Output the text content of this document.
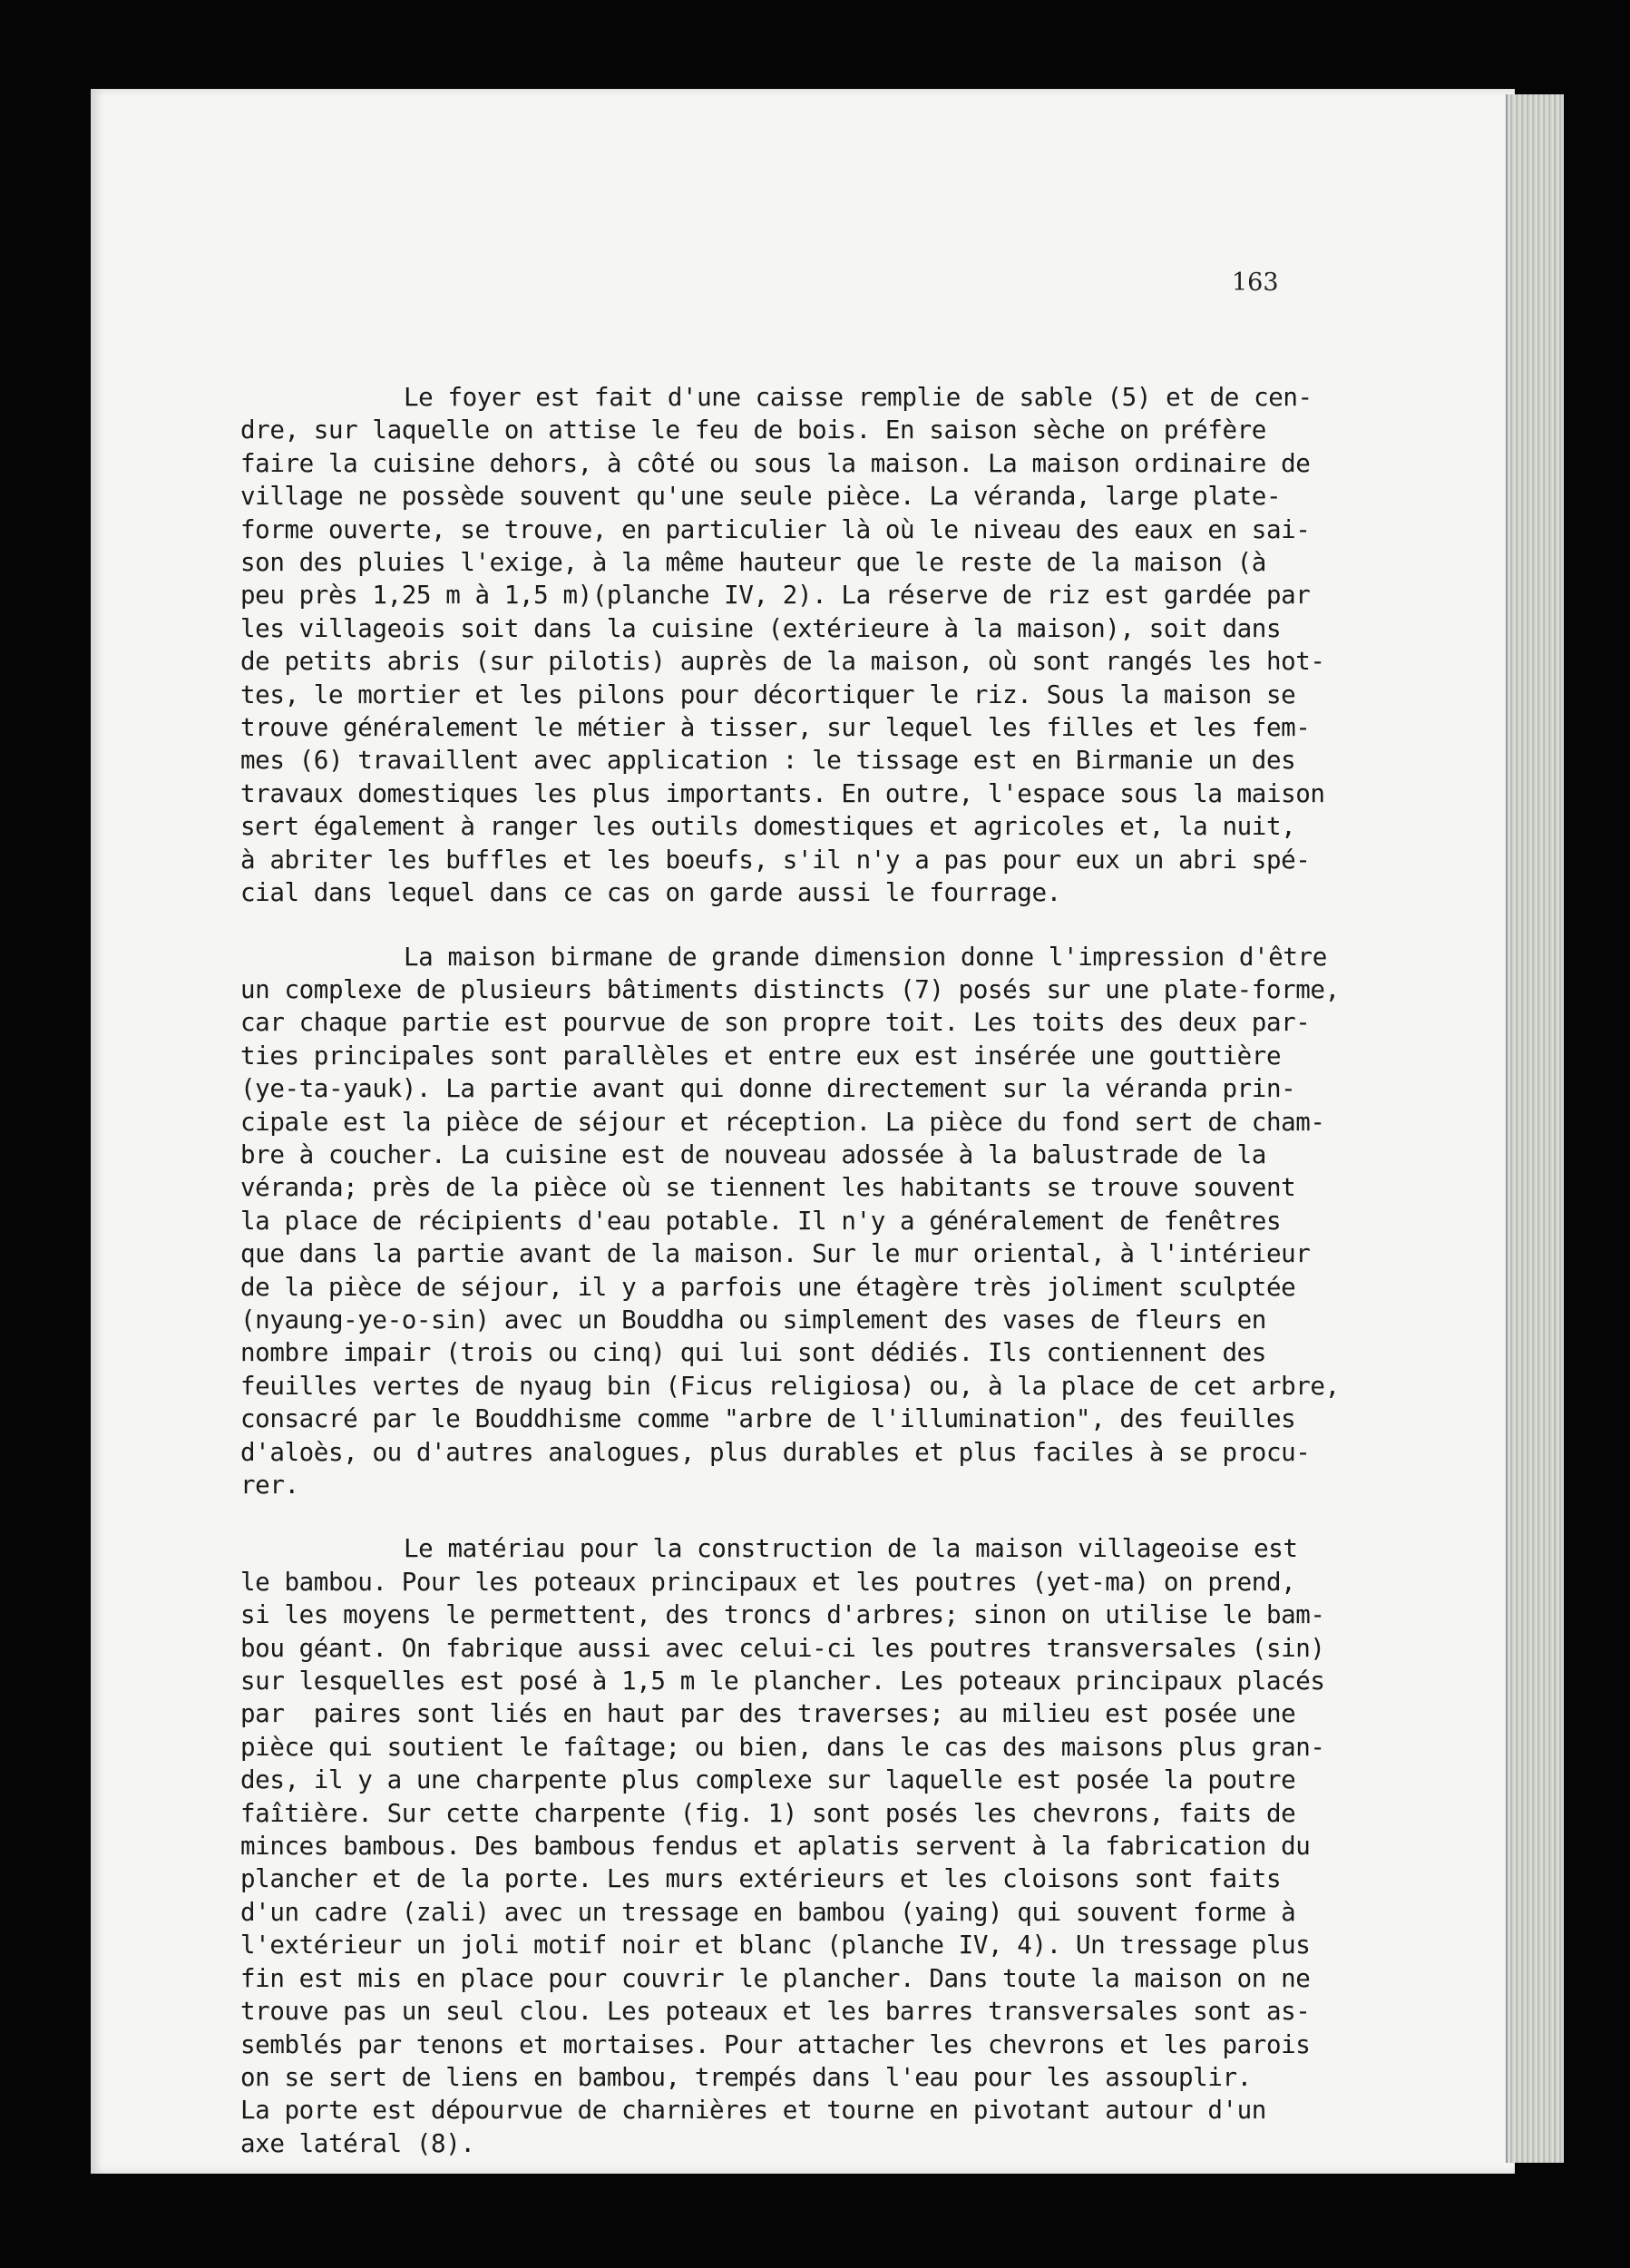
163
Le foyer est fait d'une caisse remplie de sable (5) et de cen-
dre, sur laquelle on attise le feu de bois. En saison sèche on préfère
faire la cuisine dehors, à côté ou sous la maison. La maison ordinaire de
village ne possède souvent qu'une seule pièce. La véranda, large plate-
forme ouverte, se trouve, en particulier là où le niveau des eaux en sai-
son des pluies l'exige, à la même hauteur que le reste de la maison (à
peu près 1,25 m à 1,5 m)(planche IV, 2). La réserve de riz est gardée par
les villageois soit dans la cuisine (extérieure à la maison), soit dans
de petits abris (sur pilotis) auprès de la maison, où sont rangés les hot-
tes, le mortier et les pilons pour décortiquer le riz. Sous la maison se
trouve généralement le métier à tisser, sur lequel les filles et les fem-
mes (6) travaillent avec application : le tissage est en Birmanie un des
travaux domestiques les plus importants. En outre, l'espace sous la maison
sert également à ranger les outils domestiques et agricoles et, la nuit,
à abriter les buffles et les boeufs, s'il n'y a pas pour eux un abri spé-
cial dans lequel dans ce cas on garde aussi le fourrage.
La maison birmane de grande dimension donne l'impression d'être
un complexe de plusieurs bâtiments distincts (7) posés sur une plate-forme,
car chaque partie est pourvue de son propre toit. Les toits des deux par-
ties principales sont parallèles et entre eux est insérée une gouttière
(ye-ta-yauk). La partie avant qui donne directement sur la véranda prin-
cipale est la pièce de séjour et réception. La pièce du fond sert de cham-
bre à coucher. La cuisine est de nouveau adossée à la balustrade de la
véranda; près de la pièce où se tiennent les habitants se trouve souvent
la place de récipients d'eau potable. Il n'y a généralement de fenêtres
que dans la partie avant de la maison. Sur le mur oriental, à l'intérieur
de la pièce de séjour, il y a parfois une étagère très joliment sculptée
(nyaung-ye-o-sin) avec un Bouddha ou simplement des vases de fleurs en
nombre impair (trois ou cinq) qui lui sont dédiés. Ils contiennent des
feuilles vertes de nyaug bin (Ficus religiosa) ou, à la place de cet arbre,
consacré par le Bouddhisme comme "arbre de l'illumination", des feuilles
d'aloès, ou d'autres analogues, plus durables et plus faciles à se procu-
rer.
Le matériau pour la construction de la maison villageoise est
le bambou. Pour les poteaux principaux et les poutres (yet-ma) on prend,
si les moyens le permettent, des troncs d'arbres; sinon on utilise le bam-
bou géant. On fabrique aussi avec celui-ci les poutres transversales (sin)
sur lesquelles est posé à 1,5 m le plancher. Les poteaux principaux placés
par  paires sont liés en haut par des traverses; au milieu est posée une
pièce qui soutient le faîtage; ou bien, dans le cas des maisons plus gran-
des, il y a une charpente plus complexe sur laquelle est posée la poutre
faîtière. Sur cette charpente (fig. 1) sont posés les chevrons, faits de
minces bambous. Des bambous fendus et aplatis servent à la fabrication du
plancher et de la porte. Les murs extérieurs et les cloisons sont faits
d'un cadre (zali) avec un tressage en bambou (yaing) qui souvent forme à
l'extérieur un joli motif noir et blanc (planche IV, 4). Un tressage plus
fin est mis en place pour couvrir le plancher. Dans toute la maison on ne
trouve pas un seul clou. Les poteaux et les barres transversales sont as-
semblés par tenons et mortaises. Pour attacher les chevrons et les parois
on se sert de liens en bambou, trempés dans l'eau pour les assouplir.
La porte est dépourvue de charnières et tourne en pivotant autour d'un
axe latéral (8).
